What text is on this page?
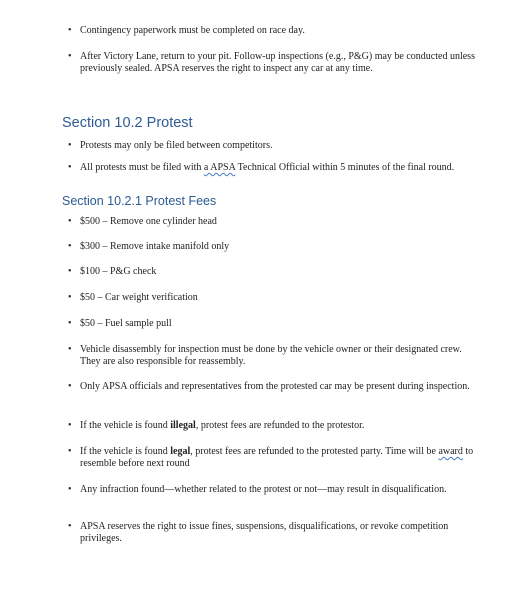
• Contingency paperwork must be completed on race day.
• After Victory Lane, return to your pit. Follow-up inspections (e.g., P&G) may be conducted unless previously sealed. APSA reserves the right to inspect any car at any time.
Section 10.2 Protest
• Protests may only be filed between competitors.
• All protests must be filed with a APSA Technical Official within 5 minutes of the final round.
Section 10.2.1 Protest Fees
• $500 – Remove one cylinder head
• $300 – Remove intake manifold only
• $100 – P&G check
• $50 – Car weight verification
• $50 – Fuel sample pull
• Vehicle disassembly for inspection must be done by the vehicle owner or their designated crew. They are also responsible for reassembly.
• Only APSA officials and representatives from the protested car may be present during inspection.
• If the vehicle is found illegal, protest fees are refunded to the protestor.
• If the vehicle is found legal, protest fees are refunded to the protested party. Time will be award to resemble before next round
• Any infraction found—whether related to the protest or not—may result in disqualification.
• APSA reserves the right to issue fines, suspensions, disqualifications, or revoke competition privileges.
